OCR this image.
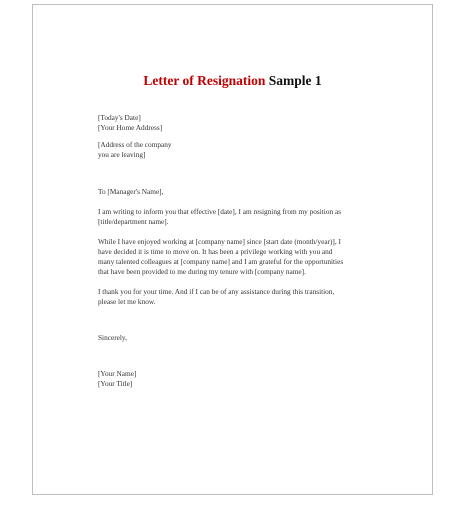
Letter of Resignation Sample 1
[Today's Date]
[Your Home Address]
[Address of the company
you are leaving]
To [Manager's Name],
I am writing to inform you that effective [date], I am resigning from my position as
[title/department name].
While I have enjoyed working at [company name] since [start date (month/year)], I
have decided it is time to move on. It has been a privilege working with you and
many talented colleagues at [company name] and I am grateful for the opportunities
that have been provided to me during my tenure with [company name].
I thank you for your time. And if I can be of any assistance during this transition,
please let me know.
Sincerely,
[Your Name]
[Your Title]
